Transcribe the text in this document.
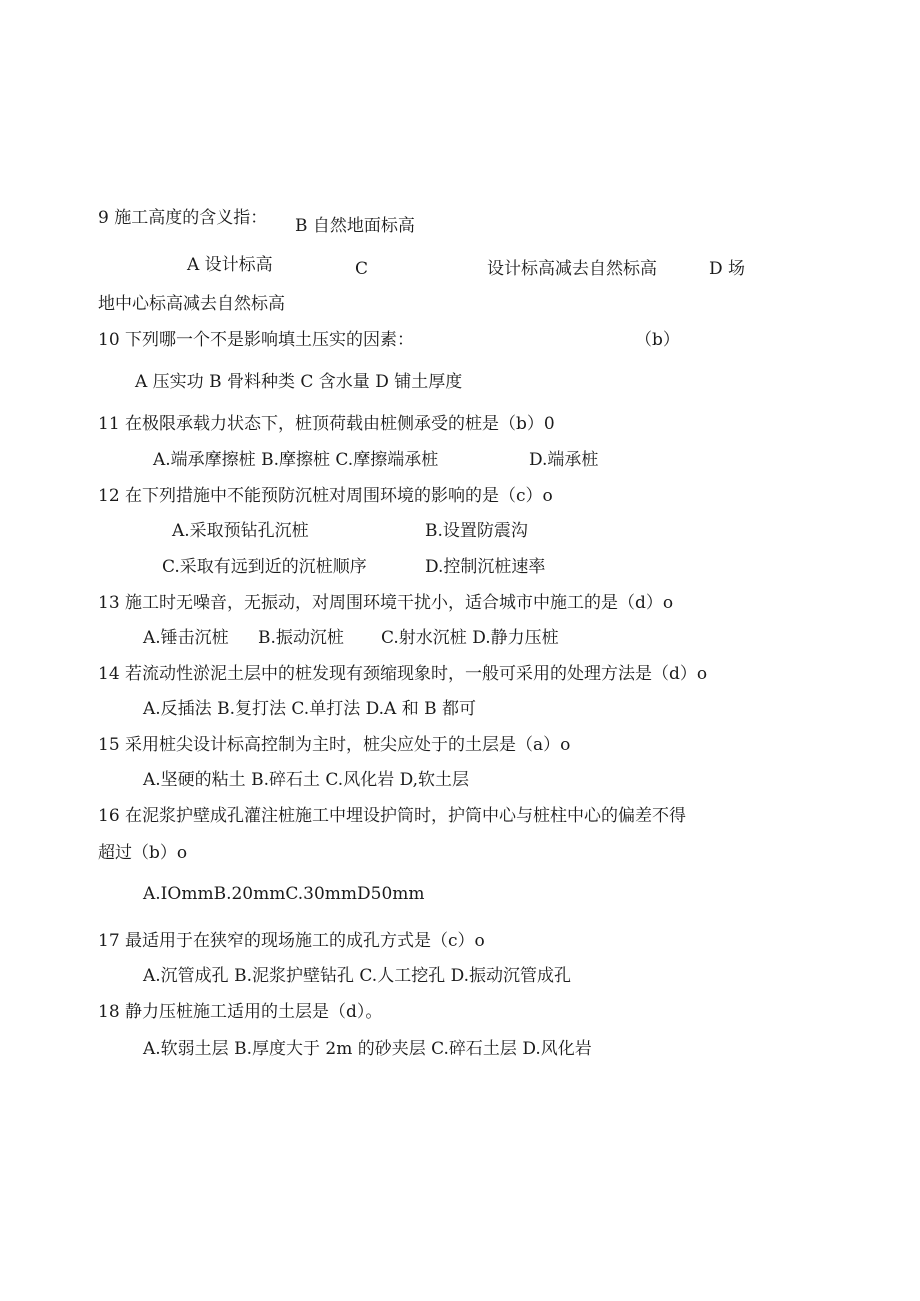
9 施工高度的含义指： B 自然地面标高
A 设计标高	C	设计标高减去自然标高	D 场
地中心标高减去自然标高
10 下列哪一个不是影响填土压实的因素：	（b）
A 压实功 B 骨料种类 C 含水量 D 铺土厚度
11 在极限承载力状态下，桩顶荷载由桩侧承受的桩是（b）0
A.端承摩擦桩 B.摩擦桩 C.摩擦端承桩	D.端承桩
12 在下列措施中不能预防沉桩对周围环境的影响的是（c）o
A.采取预钻孔沉桩	B.设置防震沟
C.采取有远到近的沉桩顺序	D.控制沉桩速率
13 施工时无噪音，无振动，对周围环境干扰小，适合城市中施工的是（d）o
A.锤击沉桩 B.振动沉桩 C.射水沉桩 D.静力压桩
14 若流动性淤泥土层中的桩发现有颈缩现象时，一般可采用的处理方法是（d）o
A.反插法 B.复打法 C.单打法 D.A 和 B 都可
15 采用桩尖设计标高控制为主时，桩尖应处于的土层是（a）o
A.坚硬的粘土 B.碎石土 C.风化岩 D,软土层
16 在泥浆护壁成孔灌注桩施工中埋设护筒时，护筒中心与桩柱中心的偏差不得
超过（b）o
A.IOmmB.20mmC.30mmD50mm
17 最适用于在狭窄的现场施工的成孔方式是（c）o
A.沉管成孔 B.泥浆护壁钻孔 C.人工挖孔 D.振动沉管成孔
18 静力压桩施工适用的土层是（d）。
A.软弱土层 B.厚度大于 2m 的砂夹层 C.碎石土层 D.风化岩
